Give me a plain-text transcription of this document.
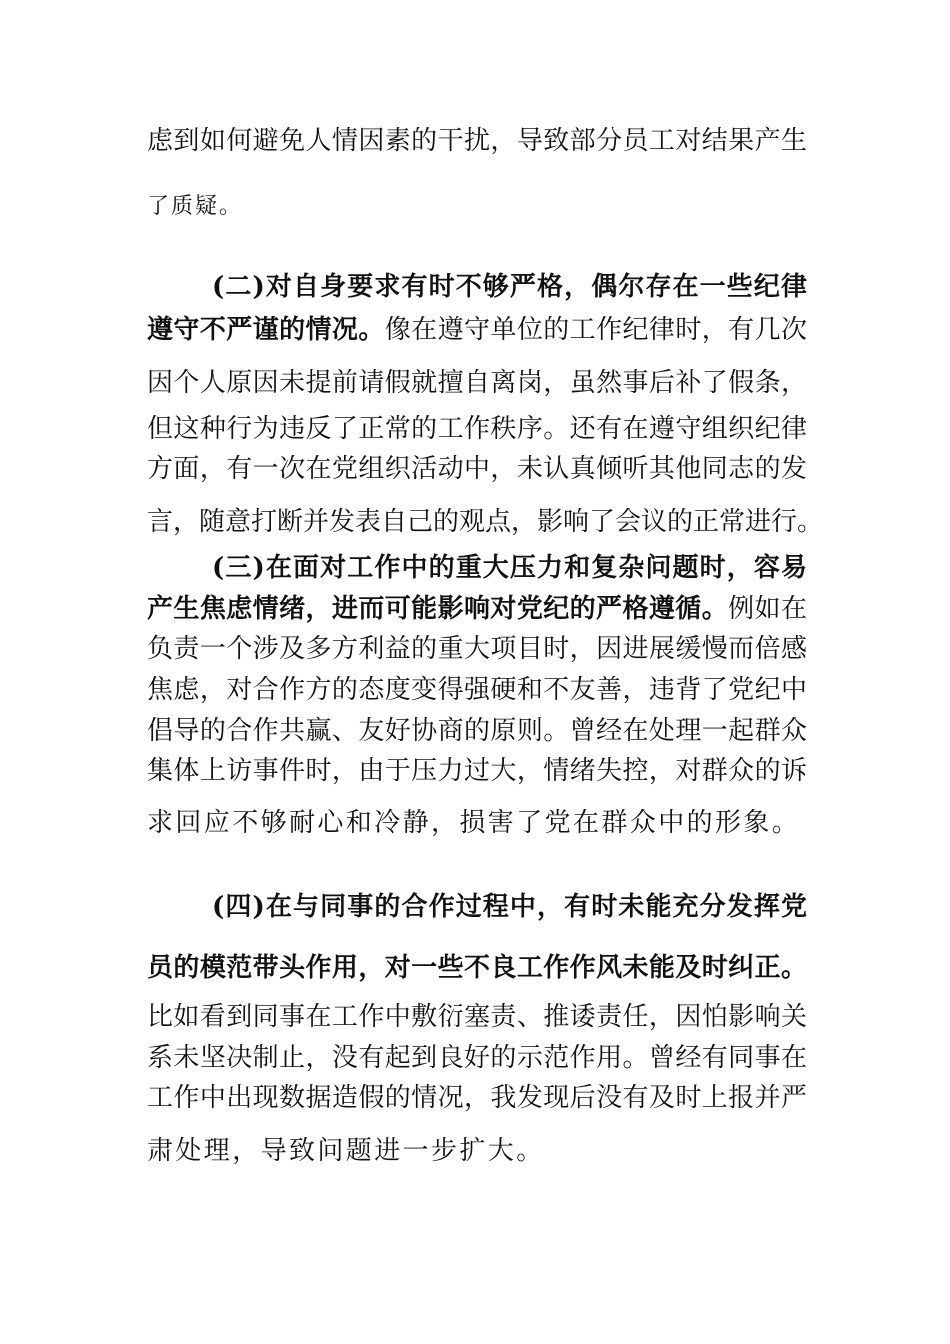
虑到如何避免人情因素的干扰，导致部分员工对结果产生
了质疑。
(二)对自身要求有时不够严格，偶尔存在一些纪律
遵守不严谨的情况。像在遵守单位的工作纪律时，有几次
因个人原因未提前请假就擅自离岗，虽然事后补了假条，
但这种行为违反了正常的工作秩序。还有在遵守组织纪律
方面，有一次在党组织活动中，未认真倾听其他同志的发
言，随意打断并发表自己的观点，影响了会议的正常进行。
(三)在面对工作中的重大压力和复杂问题时，容易
产生焦虑情绪，进而可能影响对党纪的严格遵循。例如在
负责一个涉及多方利益的重大项目时，因进展缓慢而倍感
焦虑，对合作方的态度变得强硬和不友善，违背了党纪中
倡导的合作共赢、友好协商的原则。曾经在处理一起群众
集体上访事件时，由于压力过大，情绪失控，对群众的诉
求回应不够耐心和冷静，损害了党在群众中的形象。
(四)在与同事的合作过程中，有时未能充分发挥党
员的模范带头作用，对一些不良工作作风未能及时纠正。
比如看到同事在工作中敷衍塞责、推诿责任，因怕影响关
系未坚决制止，没有起到良好的示范作用。曾经有同事在
工作中出现数据造假的情况，我发现后没有及时上报并严
肃处理，导致问题进一步扩大。
